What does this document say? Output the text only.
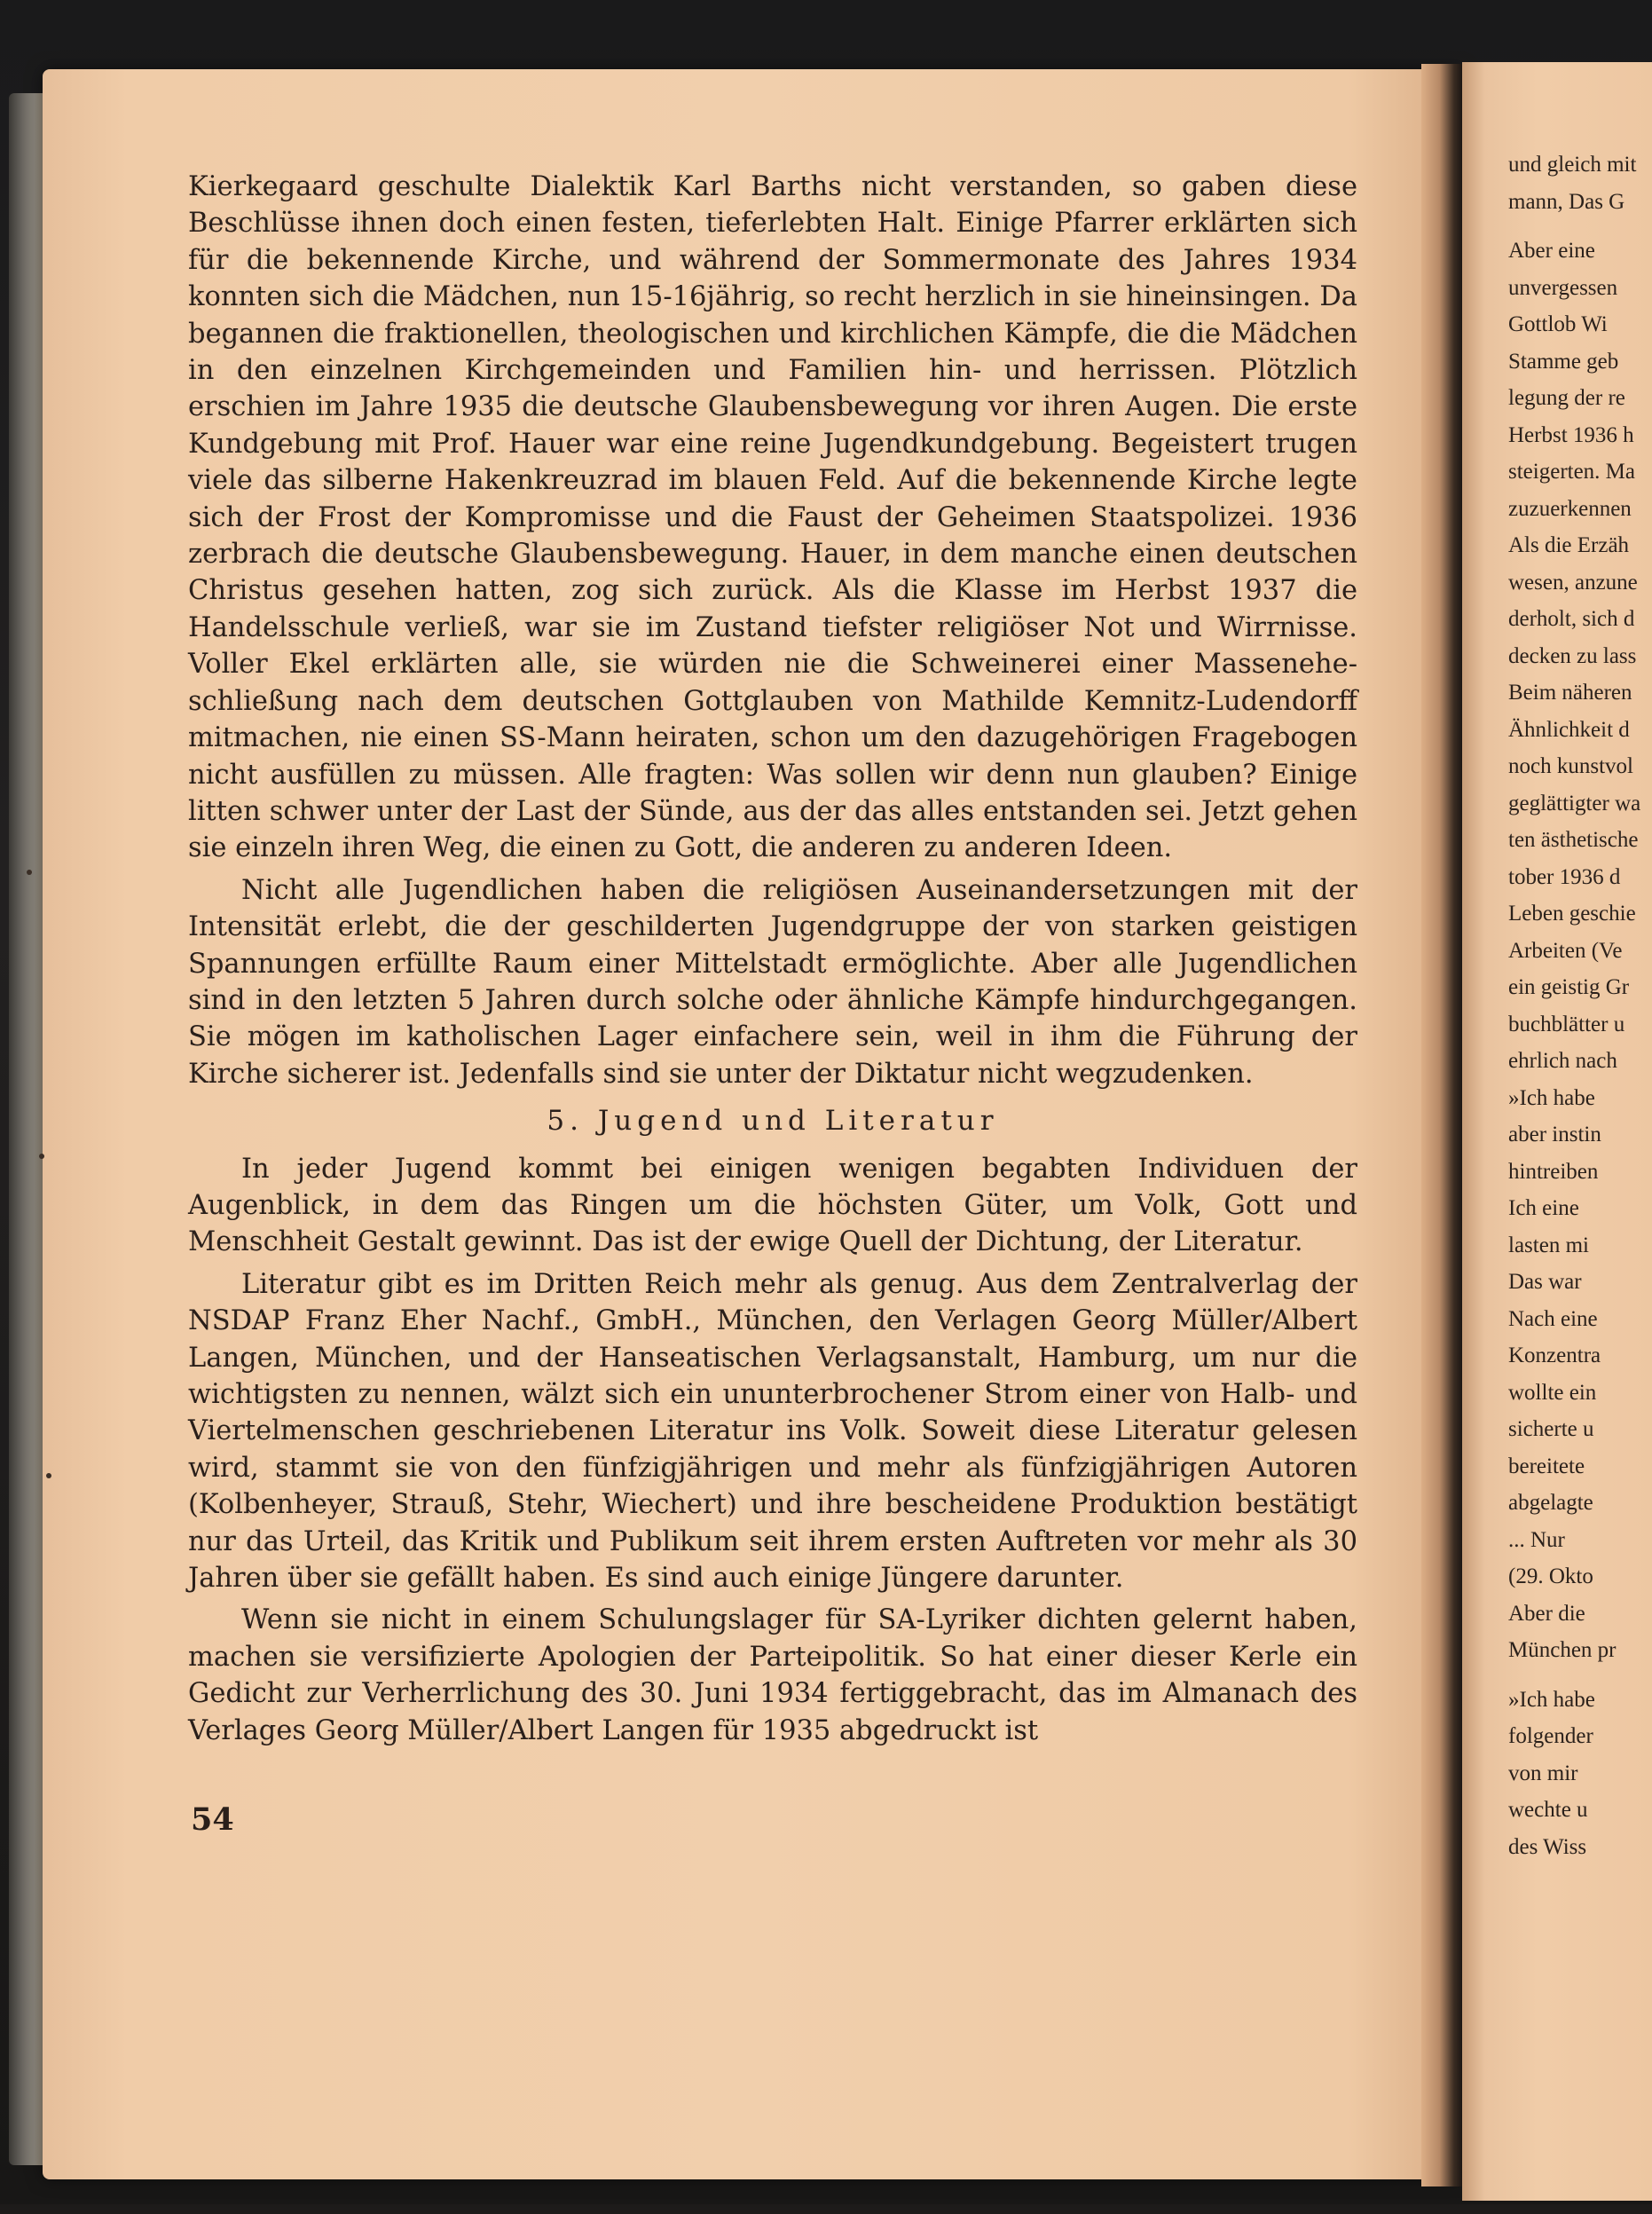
Kierkegaard geschulte Dialektik Karl Barths nicht verstanden, so gaben diese Beschlüsse ihnen doch einen festen, tieferlebten Halt. Einige Pfarrer erklärten sich für die bekennende Kirche, und während der Sommermonate des Jahres 1934 konnten sich die Mädchen, nun 15-16jährig, so recht herzlich in sie hineinsingen. Da begannen die fraktionellen, theologischen und kirchlichen Kämpfe, die die Mädchen in den einzelnen Kirchgemeinden und Familien hin- und herrissen. Plötzlich erschien im Jahre 1935 die deutsche Glaubensbewegung vor ihren Augen. Die erste Kundgebung mit Prof. Hauer war eine reine Jugendkundgebung. Begeistert trugen viele das silberne Hakenkreuzrad im blauen Feld. Auf die bekennende Kirche legte sich der Frost der Kompromisse und die Faust der Geheimen Staatspolizei. 1936 zerbrach die deutsche Glaubensbewegung. Hauer, in dem manche einen deutschen Christus gesehen hatten, zog sich zurück. Als die Klasse im Herbst 1937 die Handelsschule verließ, war sie im Zustand tiefster religiöser Not und Wirrnisse. Voller Ekel erklärten alle, sie würden nie die Schweinerei einer Masseneheschließung nach dem deutschen Gottglauben von Mathilde Kemnitz-Ludendorff mitmachen, nie einen SS-Mann heiraten, schon um den dazugehörigen Fragebogen nicht ausfüllen zu müssen. Alle fragten: Was sollen wir denn nun glauben? Einige litten schwer unter der Last der Sünde, aus der das alles entstanden sei. Jetzt gehen sie einzeln ihren Weg, die einen zu Gott, die anderen zu anderen Ideen.

Nicht alle Jugendlichen haben die religiösen Auseinandersetzungen mit der Intensität erlebt, die der geschilderten Jugendgruppe der von starken geistigen Spannungen erfüllte Raum einer Mittelstadt ermöglichte. Aber alle Jugendlichen sind in den letzten 5 Jahren durch solche oder ähnliche Kämpfe hindurchgegangen. Sie mögen im katholischen Lager einfachere sein, weil in ihm die Führung der Kirche sicherer ist. Jedenfalls sind sie unter der Diktatur nicht wegzudenken.

5. Jugend und Literatur

In jeder Jugend kommt bei einigen wenigen begabten Individuen der Augenblick, in dem das Ringen um die höchsten Güter, um Volk, Gott und Menschheit Gestalt gewinnt. Das ist der ewige Quell der Dichtung, der Literatur.

Literatur gibt es im Dritten Reich mehr als genug. Aus dem Zentralverlag der NSDAP Franz Eher Nachf., GmbH., München, den Verlagen Georg Müller/Albert Langen, München, und der Hanseatischen Verlagsanstalt, Hamburg, um nur die wichtigsten zu nennen, wälzt sich ein ununterbrochener Strom einer von Halb- und Viertelmenschen geschriebenen Literatur ins Volk. Soweit diese Literatur gelesen wird, stammt sie von den fünfzigjährigen und mehr als fünfzigjährigen Autoren (Kolbenheyer, Strauß, Stehr, Wiechert) und ihre bescheidene Produktion bestätigt nur das Urteil, das Kritik und Publikum seit ihrem ersten Auftreten vor mehr als 30 Jahren über sie gefällt haben. Es sind auch einige Jüngere darunter.

Wenn sie nicht in einem Schulungslager für SA-Lyriker dichten gelernt haben, machen sie versifizierte Apologien der Parteipolitik. So hat einer dieser Kerle ein Gedicht zur Verherrlichung des 30. Juni 1934 fertiggebracht, das im Almanach des Verlages Georg Müller/Albert Langen für 1935 abgedruckt ist

54
und gleich mit
mann, Das G
Aber eine
unvergessen
Gottlob Wi
Stamme geb
legung der re
Herbst 1936 h
steigerten. Ma
zuzuerkennen
Als die Erzäh
wesen, anzune
derholt, sich d
decken zu lass
Beim näheren
Ähnlichkeit d
noch kunstvol
geglättigter wa
ten ästhetische
tober 1936 d
Leben geschie
Arbeiten (Ve
ein geistig Gr
buchblätter u
ehrlich nach
»Ich habe
aber instin
hintreiben
Ich eine
lasten mi
Das war
Nach eine
Konzentra
wollte ein
sicherte u
bereitete
abgelagte
... Nur
(29. Okto
Aber die
München pr
»Ich habe
folgender
von mir
wechte u
des Wiss
